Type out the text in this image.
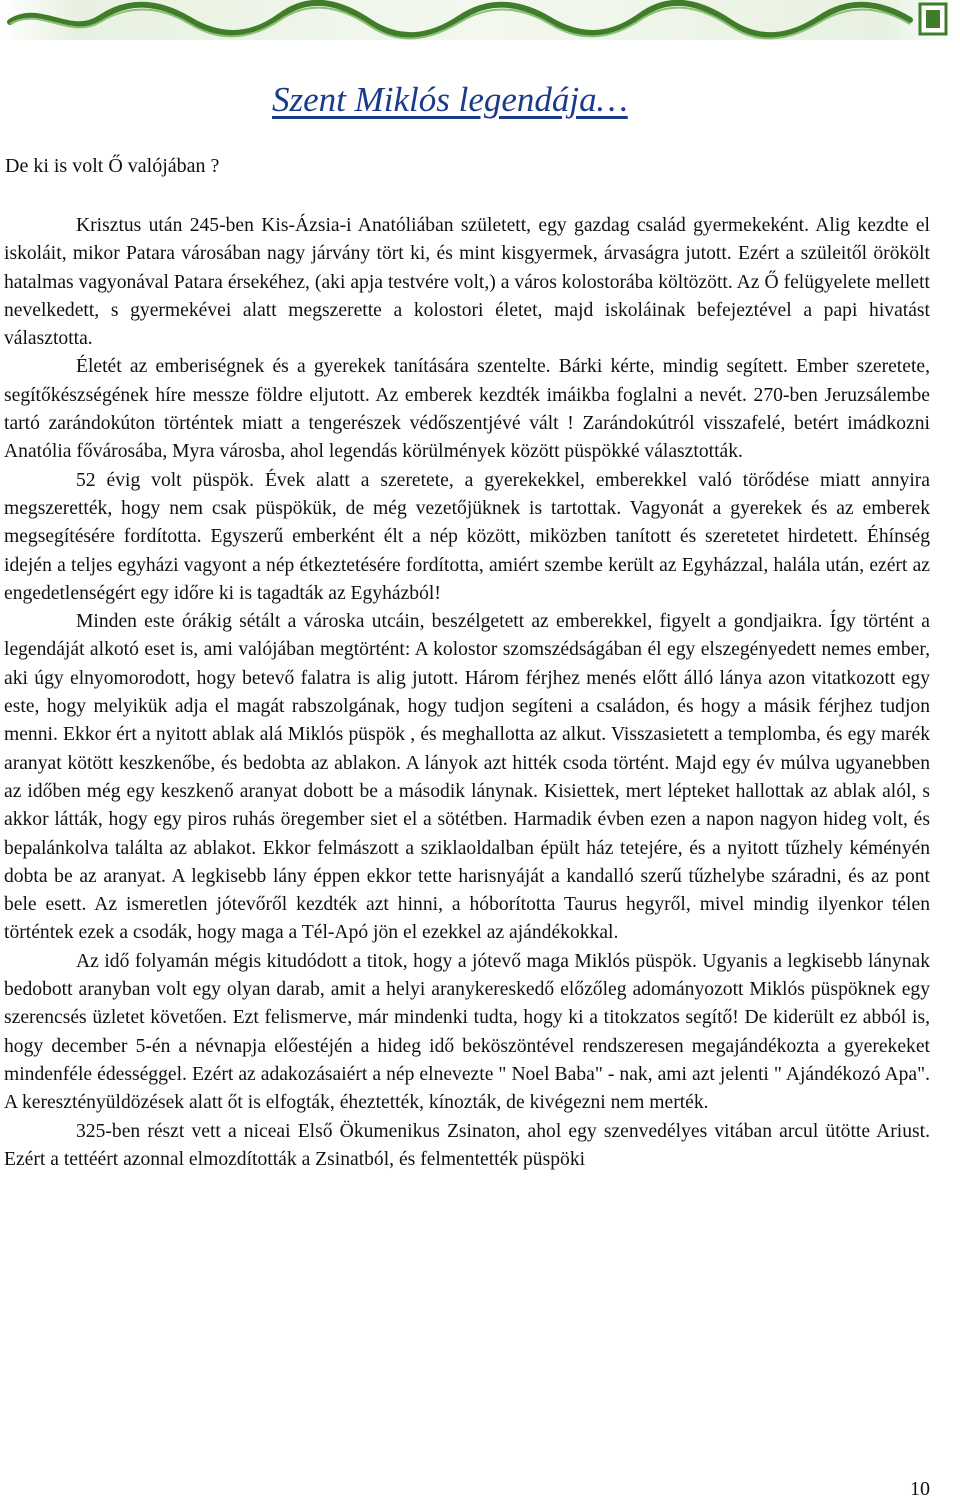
Szent Miklós legendája…

De ki is volt Ő valójában ?

Krisztus után 245-ben Kis-Ázsia-i Anatóliában született, egy gazdag család gyermekeként. Alig kezdte el iskoláit, mikor Patara városában nagy járvány tört ki, és mint kisgyermek, árvaságra jutott. Ezért a szüleitől örökölt hatalmas vagyonával Patara érsekéhez, (aki apja testvére volt,) a város kolostorába költözött. Az Ő felügyelete mellett nevelkedett, s gyermekévei alatt megszerette a kolostori életet, majd iskoláinak befejeztével a papi hivatást választotta.

Életét az emberiségnek és a gyerekek tanítására szentelte. Bárki kérte, mindig segített. Ember szeretete, segítőkészségének híre messze földre eljutott. Az emberek kezdték imáikba foglalni a nevét. 270-ben Jeruzsálembe tartó zarándokúton történtek miatt a tengerészek védőszentjévé vált ! Zarándokútról visszafelé, betért imádkozni Anatólia fővárosába, Myra városba, ahol legendás körülmények között püspökké választották.

52 évig volt püspök. Évek alatt a szeretete, a gyerekekkel, emberekkel való törődése miatt annyira megszerették, hogy nem csak püspökük, de még vezetőjüknek is tartottak. Vagyonát a gyerekek és az emberek megsegítésére fordította. Egyszerű emberként élt a nép között, miközben tanított és szeretetet hirdetett. Éhínség idején a teljes egyházi vagyont a nép étkeztetésére fordította, amiért szembe került az Egyházzal, halála után, ezért az engedetlenségért egy időre ki is tagadták az Egyházból!

Minden este órákig sétált a városka utcáin, beszélgetett az emberekkel, figyelt a gondjaikra. Így történt a legendáját alkotó eset is, ami valójában megtörtént: A kolostor szomszédságában él egy elszegényedett nemes ember, aki úgy elnyomorodott, hogy betevő falatra is alig jutott. Három férjhez menés előtt álló lánya azon vitatkozott egy este, hogy melyikük adja el magát rabszolgának, hogy tudjon segíteni a családon, és hogy a másik férjhez tudjon menni. Ekkor ért a nyitott ablak alá Miklós püspök , és meghallotta az alkut. Visszasietett a templomba, és egy marék aranyat kötött keszkenőbe, és bedobta az ablakon. A lányok azt hitték csoda történt. Majd egy év múlva ugyanebben az időben még egy keszkenő aranyat dobott be a második lánynak. Kisiettek, mert lépteket hallottak az ablak alól, s akkor látták, hogy egy piros ruhás öregember siet el a sötétben. Harmadik évben ezen a napon nagyon hideg volt, és bepalánkolva találta az ablakot. Ekkor felmászott a sziklaoldalban épült ház tetejére, és a nyitott tűzhely kéményén dobta be az aranyat. A legkisebb lány éppen ekkor tette harisnyáját a kandalló szerű tűzhelybe száradni, és az pont bele esett. Az ismeretlen jótevőről kezdték azt hinni, a hóborította Taurus hegyről, mivel mindig ilyenkor télen történtek ezek a csodák, hogy maga a Tél-Apó jön el ezekkel az ajándékokkal.

Az idő folyamán mégis kitudódott a titok, hogy a jótevő maga Miklós püspök. Ugyanis a legkisebb lánynak bedobott aranyban volt egy olyan darab, amit a helyi aranykereskedő előzőleg adományozott Miklós püspöknek egy szerencsés üzletet követően. Ezt felismerve, már mindenki tudta, hogy ki a titokzatos segítő! De kiderült ez abból is, hogy december 5-én a névnapja előestéjén a hideg idő beköszöntével rendszeresen megajándékozta a gyerekeket mindenféle édességgel. Ezért az adakozásaiért a nép elnevezte " Noel Baba" - nak, ami azt jelenti " Ajándékozó Apa". A keresztényüldözések alatt őt is elfogták, éheztették, kínozták, de kivégezni nem merték.

325-ben részt vett a niceai Első Ökumenikus Zsinaton, ahol egy szenvedélyes vitában arcul ütötte Ariust. Ezért a tettéért azonnal elmozdították a Zsinatból, és felmentették püspöki

10
